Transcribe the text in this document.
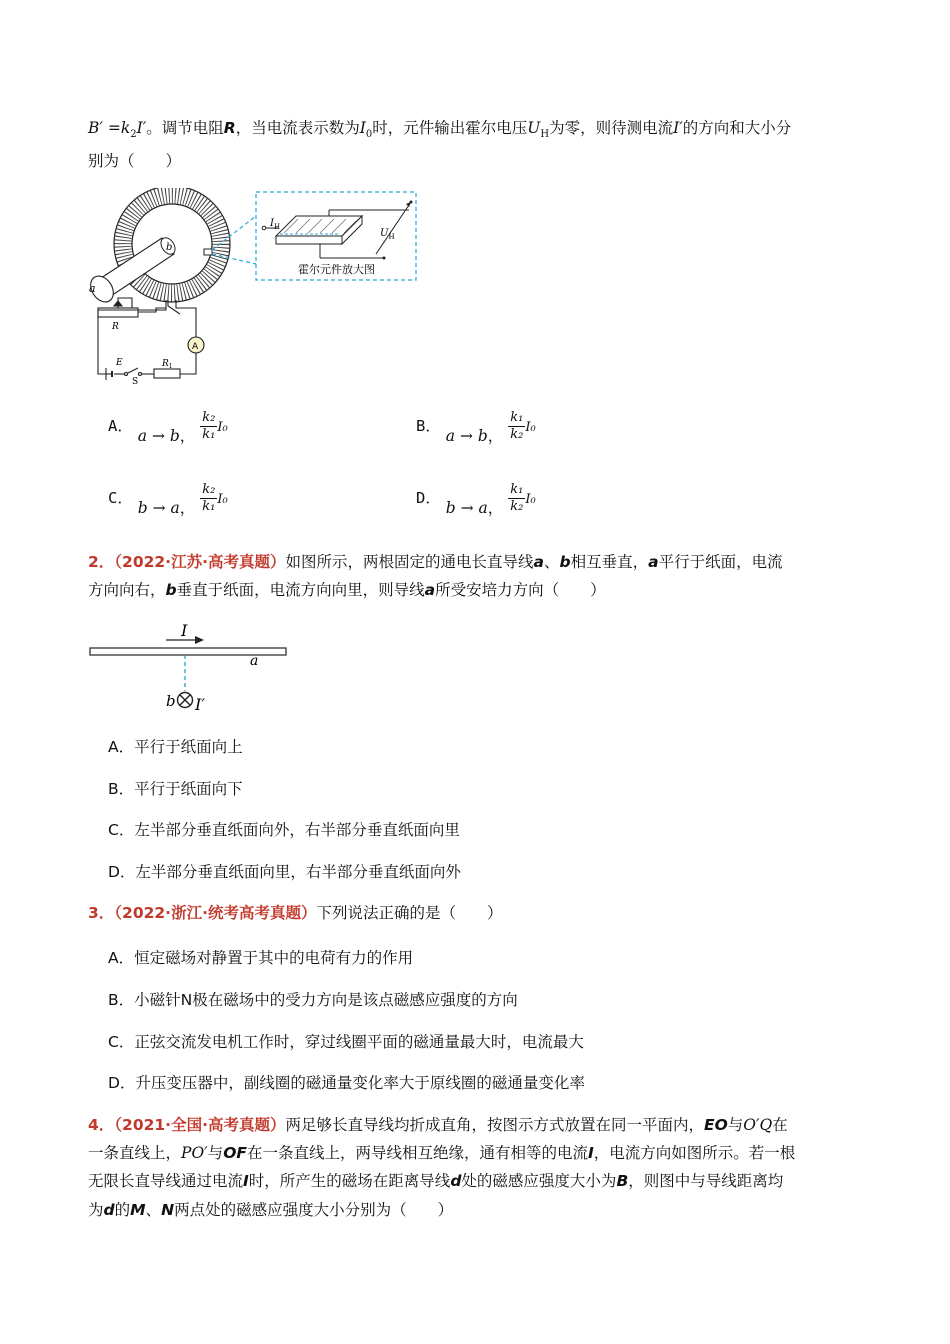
$B' =k_2I'$。调节电阻R，当电流表示数为$I_0$时，元件输出霍尔电压$U_H$为零，则待测电流I′的方向和大小分
别为（　　）
a
b
$I_H$
$U_H$
霍尔元件放大图
A
R
E
S
$R_1$
A． a → b， $\frac{\text{k₂}}{\text{k₁}} I_0$	B． a → b， $\frac{\text{k₁}}{\text{k₂}} I_0$
C． b → a， $\frac{\text{k₂}}{\text{k₁}} I_0$	D． b → a， $\frac{\text{k₁}}{\text{k₂}} I_0$
2．（2022·江苏·高考真题）如图所示，两根固定的通电长直导线a、b相互垂直，a平行于纸面，电流
方向向右，b垂直于纸面，电流方向向里，则导线a所受安培力方向（　　）
I
a
b I′
A．平行于纸面向上
B．平行于纸面向下
C．左半部分垂直纸面向外，右半部分垂直纸面向里
D．左半部分垂直纸面向里，右半部分垂直纸面向外
3．（2022·浙江·统考高考真题）下列说法正确的是（　　）
A．恒定磁场对静置于其中的电荷有力的作用
B．小磁针N极在磁场中的受力方向是该点磁感应强度的方向
C．正弦交流发电机工作时，穿过线圈平面的磁通量最大时，电流最大
D．升压变压器中，副线圈的磁通量变化率大于原线圈的磁通量变化率
4．（2021·全国·高考真题）两足够长直导线均折成直角，按图示方式放置在同一平面内，EO与O′Q在
一条直线上，PO′与OF在一条直线上，两导线相互绝缘，通有相等的电流I，电流方向如图所示。若一根
无限长直导线通过电流I时，所产生的磁场在距离导线d处的磁感应强度大小为B，则图中与导线距离均
为d的M、N两点处的磁感应强度大小分别为（　　）
